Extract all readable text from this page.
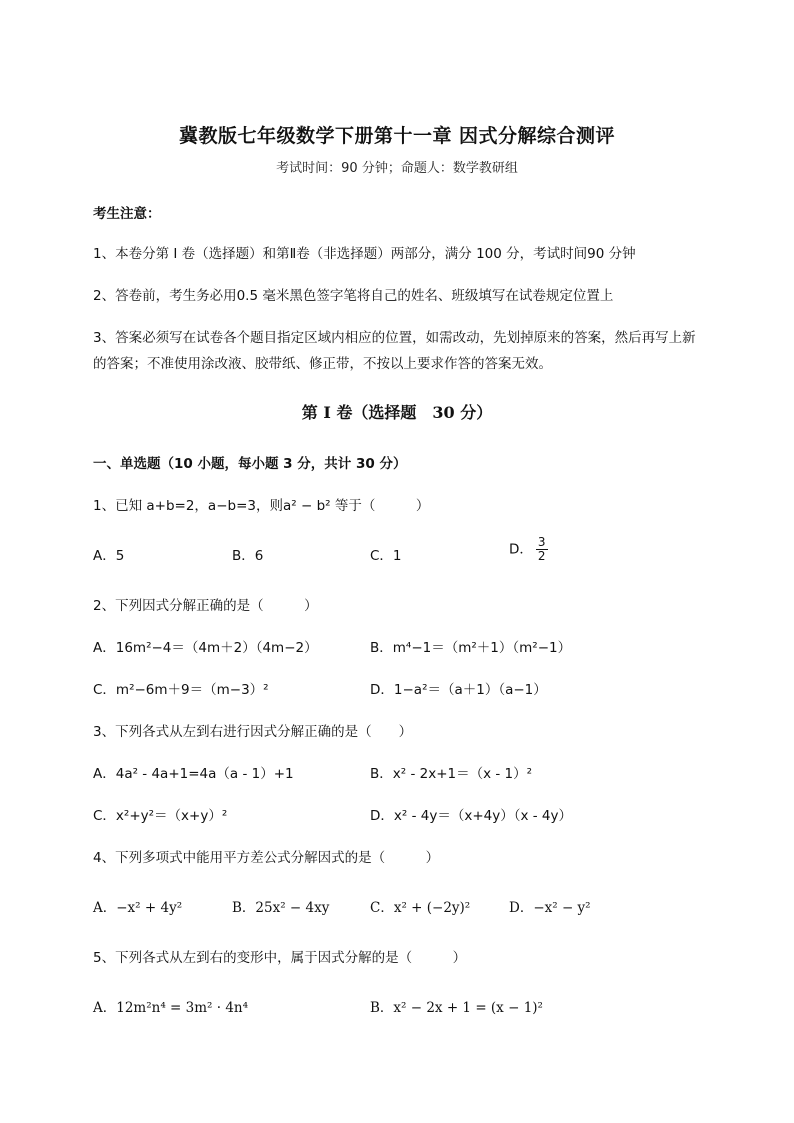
冀教版七年级数学下册第十一章 因式分解综合测评
考试时间：90 分钟；命题人：数学教研组
考生注意：
1、本卷分第 I 卷（选择题）和第Ⅱ卷（非选择题）两部分，满分 100 分，考试时间90 分钟
2、答卷前，考生务必用0.5 毫米黑色签字笔将自己的姓名、班级填写在试卷规定位置上
3、答案必须写在试卷各个题目指定区域内相应的位置，如需改动，先划掉原来的答案，然后再写上新
的答案；不准使用涂改液、胶带纸、修正带，不按以上要求作答的答案无效。
第 I 卷（选择题　30 分）
一、单选题（10 小题，每小题 3 分，共计 30 分）
1、已知 a+b=2，a−b=3，则a² − b² 等于（　　　）
A．5	B．6	C．1	D． $\frac{3}{2}$
2、下列因式分解正确的是（　　　）
A．16m²−4＝（4m＋2）（4m−2）	B．m⁴−1＝（m²＋1）（m²−1）
C．m²−6m＋9＝（m−3）²	D．1−a²＝（a＋1）（a−1）
3、下列各式从左到右进行因式分解正确的是（　　）
A．4a² - 4a+1=4a（a - 1）+1	B．x² - 2x+1＝（x - 1）²
C．x²+y²＝（x+y）²	D．x² - 4y＝（x+4y）（x - 4y）
4、下列多项式中能用平方差公式分解因式的是（　　　）
A．−x² + 4y²	B．25x² − 4xy	C．x² + (−2y)²	D．−x² − y²
5、下列各式从左到右的变形中，属于因式分解的是（　　　）
A．12m²n⁴ = 3m² · 4n⁴	B．x² − 2x + 1 = (x − 1)²
